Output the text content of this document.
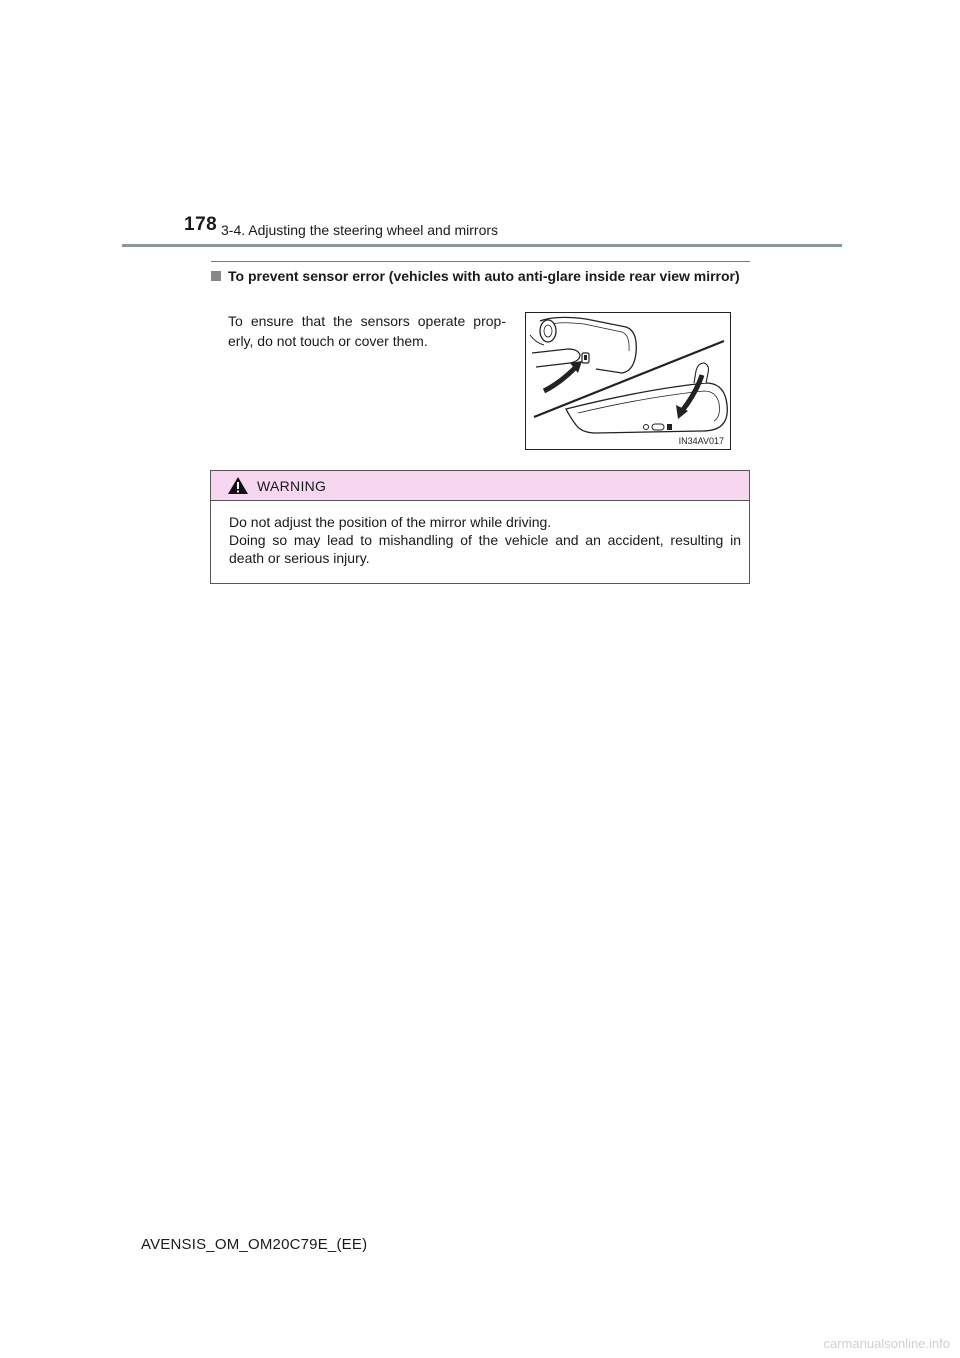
178 3-4. Adjusting the steering wheel and mirrors
To prevent sensor error (vehicles with auto anti-glare inside rear view mirror)
To ensure that the sensors operate prop-erly, do not touch or cover them.
IN34AV017
WARNING

Do not adjust the position of the mirror while driving.

Doing so may lead to mishandling of the vehicle and an accident, resulting in death or serious injury.

AVENSIS_OM_OM20C79E_(EE)
carmanualsonline.info
